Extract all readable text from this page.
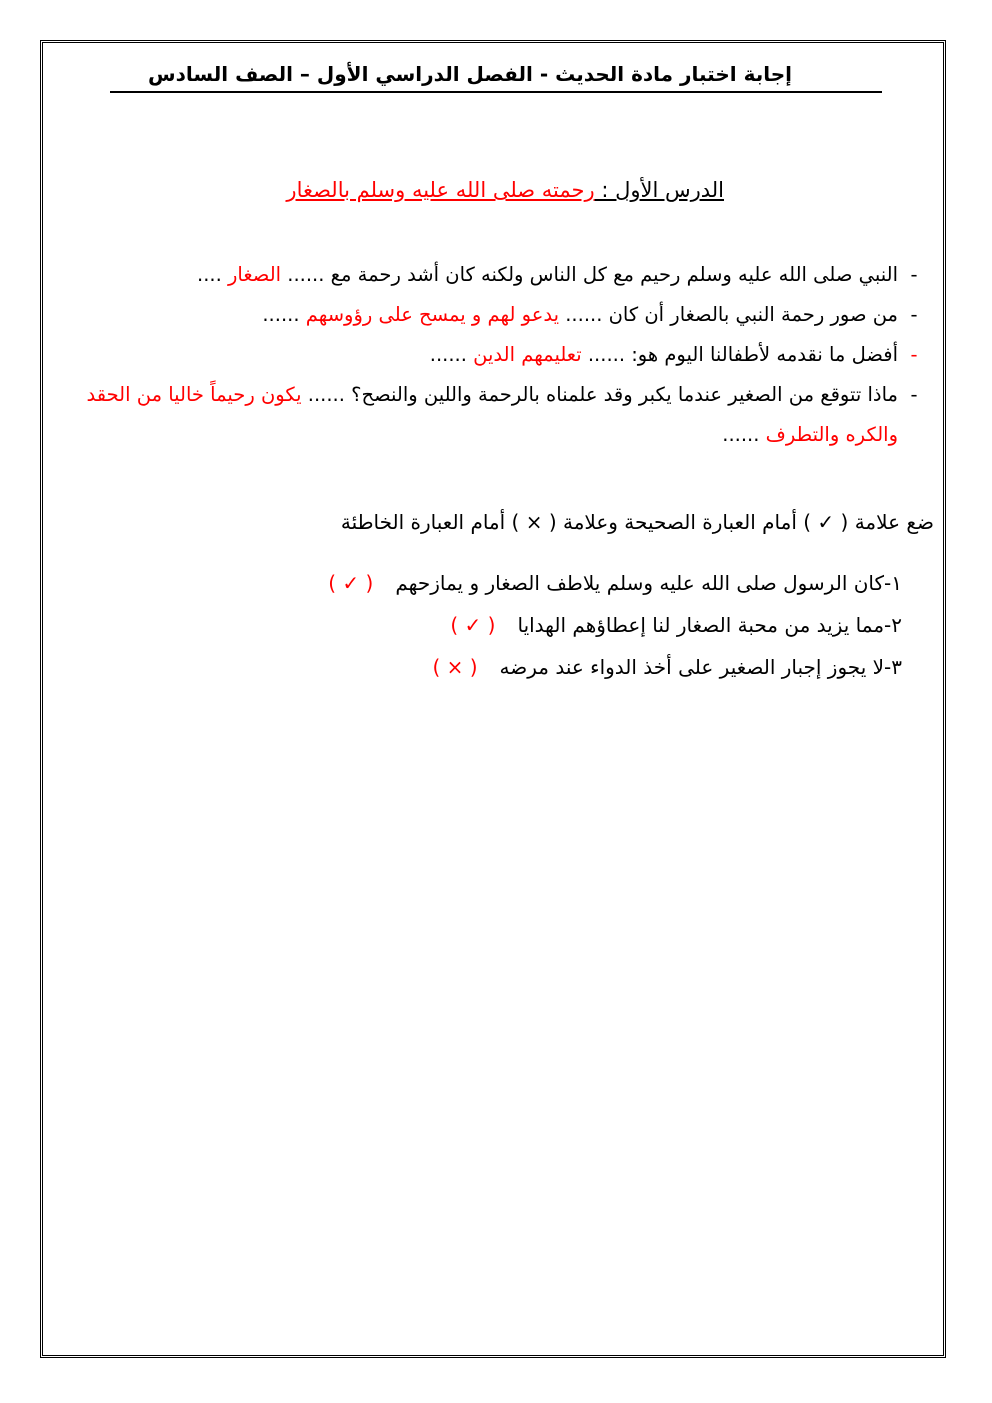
إجابة اختبار مادة الحديث - الفصل الدراسي الأول – الصف السادس
الدرس الأول : رحمته صلى الله عليه وسلم بالصغار
-
النبي صلى الله عليه وسلم رحيم مع كل الناس ولكنه كان أشد رحمة مع ...... الصغار ....
-
من صور رحمة النبي بالصغار أن كان ...... يدعو لهم و يمسح على رؤوسهم ......
-
أفضل ما نقدمه لأطفالنا اليوم هو: ...... تعليمهم الدين ......
-
ماذا تتوقع من الصغير عندما يكبر وقد علمناه بالرحمة واللين والنصح؟ ...... يكون رحيماً خاليا من الحقد والكره والتطرف ......
ضع علامة ( ✓ ) أمام العبارة الصحيحة وعلامة ( × ) أمام العبارة الخاطئة
١-كان الرسول صلى الله عليه وسلم يلاطف الصغار و يمازحهم( ✓ )
٢-مما يزيد من محبة الصغار لنا إعطاؤهم الهدايا( ✓ )
٣-لا يجوز إجبار الصغير على أخذ الدواء عند مرضه( × )
